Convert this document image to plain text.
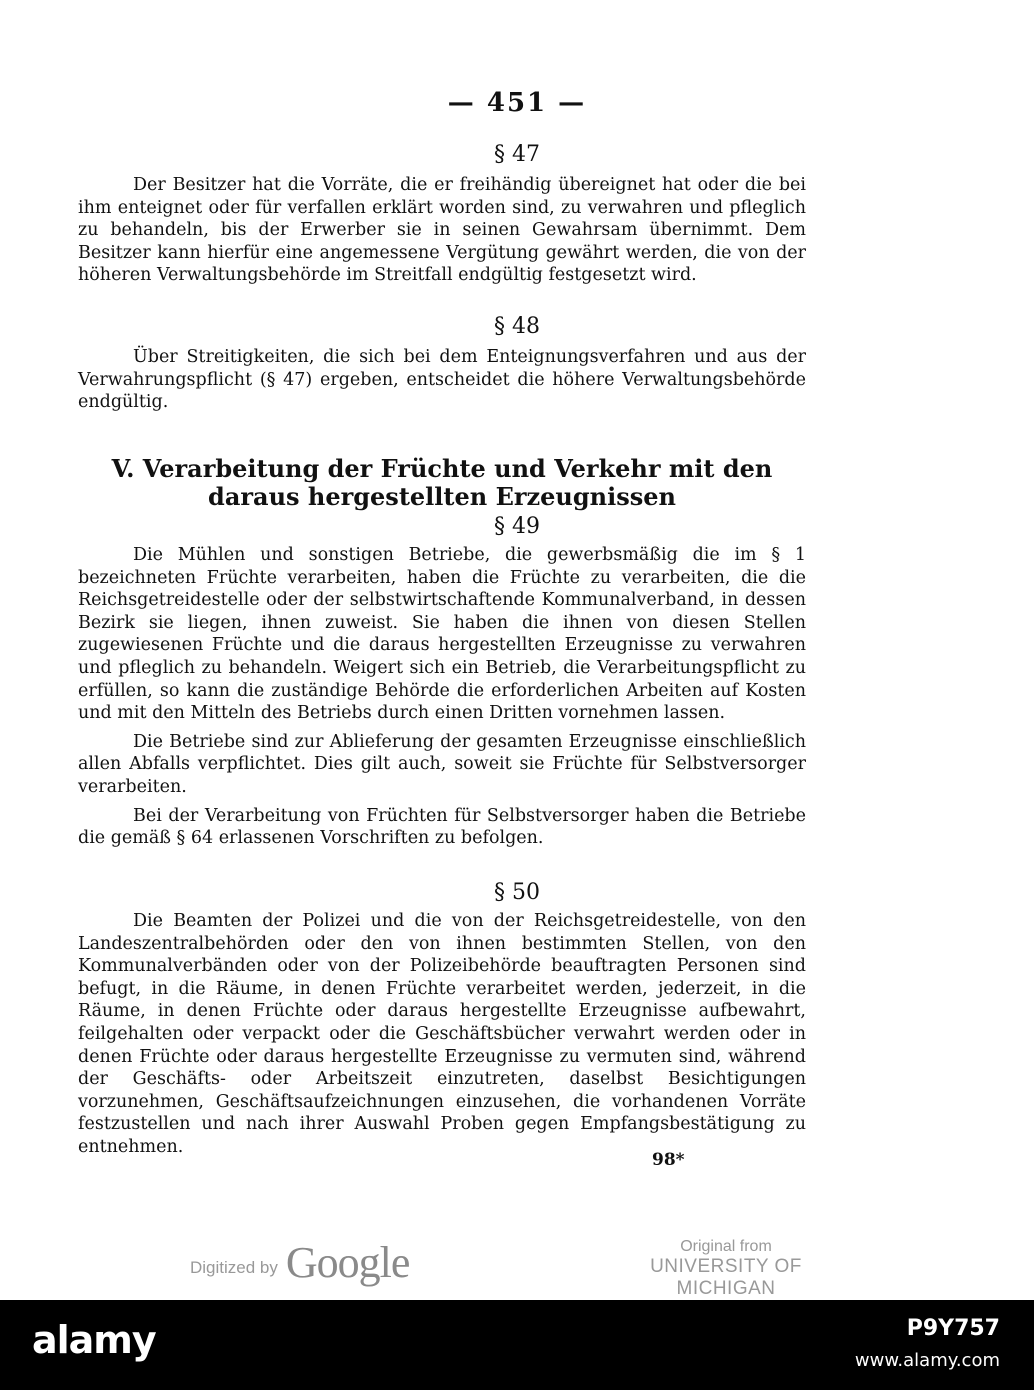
— 451 —
§ 47

Der Besitzer hat die Vorräte, die er freihändig übereignet hat oder die bei ihm enteignet oder für verfallen erklärt worden sind, zu verwahren und pfleglich zu behandeln, bis der Erwerber sie in seinen Gewahrsam übernimmt. Dem Besitzer kann hierfür eine angemessene Vergütung gewährt werden, die von der höheren Verwaltungsbehörde im Streitfall endgültig festgesetzt wird.

§ 48

Über Streitigkeiten, die sich bei dem Enteignungsverfahren und aus der Verwahrungspflicht (§ 47) ergeben, entscheidet die höhere Verwaltungsbehörde endgültig.

V. Verarbeitung der Früchte und Verkehr mit den daraus hergestellten Erzeugnissen
§ 49

Die Mühlen und sonstigen Betriebe, die gewerbsmäßig die im § 1 bezeichneten Früchte verarbeiten, haben die Früchte zu verarbeiten, die die Reichsgetreidestelle oder der selbstwirtschaftende Kommunalverband, in dessen Bezirk sie liegen, ihnen zuweist. Sie haben die ihnen von diesen Stellen zugewiesenen Früchte und die daraus hergestellten Erzeugnisse zu verwahren und pfleglich zu behandeln. Weigert sich ein Betrieb, die Verarbeitungspflicht zu erfüllen, so kann die zuständige Behörde die erforderlichen Arbeiten auf Kosten und mit den Mitteln des Betriebs durch einen Dritten vornehmen lassen.

Die Betriebe sind zur Ablieferung der gesamten Erzeugnisse einschließlich allen Abfalls verpflichtet. Dies gilt auch, soweit sie Früchte für Selbstversorger verarbeiten.

Bei der Verarbeitung von Früchten für Selbstversorger haben die Betriebe die gemäß § 64 erlassenen Vorschriften zu befolgen.

§ 50

Die Beamten der Polizei und die von der Reichsgetreidestelle, von den Landeszentralbehörden oder den von ihnen bestimmten Stellen, von den Kommunalverbänden oder von der Polizeibehörde beauftragten Personen sind befugt, in die Räume, in denen Früchte verarbeitet werden, jederzeit, in die Räume, in denen Früchte oder daraus hergestellte Erzeugnisse aufbewahrt, feilgehalten oder verpackt oder die Geschäftsbücher verwahrt werden oder in denen Früchte oder daraus hergestellte Erzeugnisse zu vermuten sind, während der Geschäfts- oder Arbeitszeit einzutreten, daselbst Besichtigungen vorzunehmen, Geschäftsaufzeichnungen einzusehen, die vorhandenen Vorräte festzustellen und nach ihrer Auswahl Proben gegen Empfangsbestätigung zu entnehmen.

98*
Digitized by Google	Original from
UNIVERSITY OF MICHIGAN
alamy	P9Y757
www.alamy.com
